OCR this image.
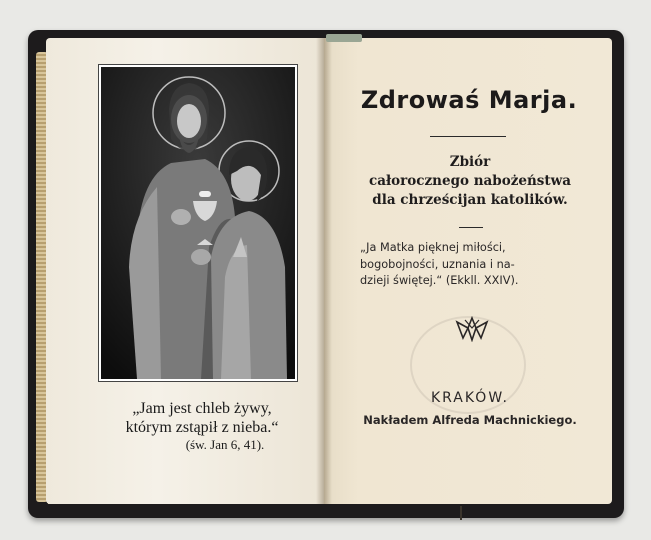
„Jam jest chleb żywy,
którym zstąpił z nieba.“
(św. Jan 6, 41).
Zdrowaś Marja.
Zbiór
całorocznego nabożeństwa
dla chrześcijan katolików.
„Ja Matka pięknej miłości,
bogobojności, uznania i na-
dzieji świętej.“ (Ekkll. XXIV).
KRAKÓW.
Nakładem Alfreda Machnickiego.
